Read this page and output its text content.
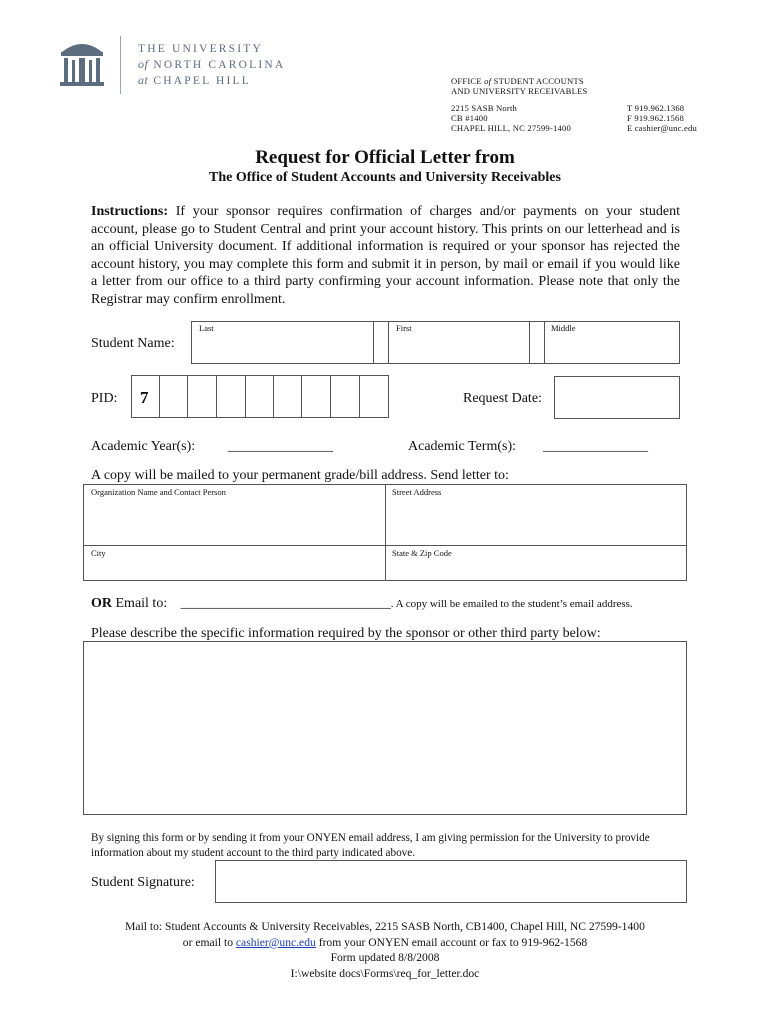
THE UNIVERSITY
of NORTH CAROLINA
at CHAPEL HILL	OFFICE of STUDENT ACCOUNTS
AND UNIVERSITY RECEIVABLES
2215 SASB North
CB #1400
CHAPEL HILL, NC 27599-1400
T 919.962.1368
F 919.962.1568
E cashier@unc.edu
Request for Official Letter from
The Office of Student Accounts and University Receivables
Instructions: If your sponsor requires confirmation of charges and/or payments on your student account, please go to Student Central and print your account history. This prints on our letterhead and is an official University document. If additional information is required or your sponsor has rejected the account history, you may complete this form and submit it in person, by mail or email if you would like a letter from our office to a third party confirming your account information. Please note that only the Registrar may confirm enrollment.
Student Name:
Last	First	Middle
PID: 7	Request Date:
Academic Year(s): _______________	Academic Term(s): _______________
A copy will be mailed to your permanent grade/bill address. Send letter to:
Organization Name and Contact Person	Street Address
City	State & Zip Code
OR Email to: ______________________________. A copy will be emailed to the student’s email address.
Please describe the specific information required by the sponsor or other third party below:
By signing this form or by sending it from your ONYEN email address, I am giving permission for the University to provide information about my student account to the third party indicated above.
Student Signature:
Mail to: Student Accounts & University Receivables, 2215 SASB North, CB1400, Chapel Hill, NC 27599-1400
or email to cashier@unc.edu from your ONYEN email account or fax to 919-962-1568
Form updated 8/8/2008
I:\website docs\Forms\req_for_letter.doc
